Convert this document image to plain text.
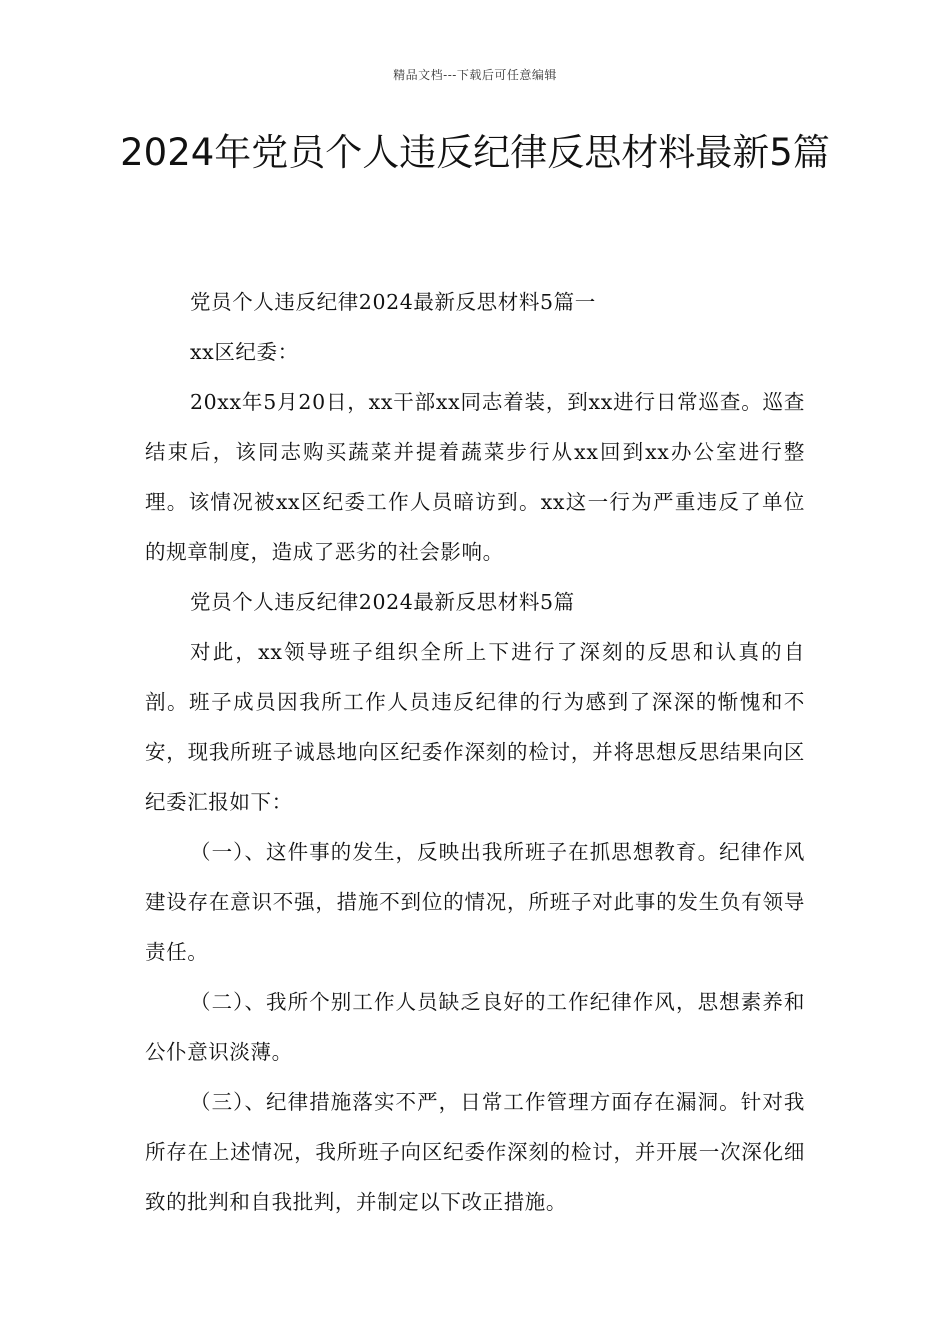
精品文档---下载后可任意编辑
2024年党员个人违反纪律反思材料最新5篇

党员个人违反纪律2024最新反思材料5篇一

xx区纪委：

20xx年5月20日，xx干部xx同志着装，到xx进行日常巡查。巡查结束后，该同志购买蔬菜并提着蔬菜步行从xx回到xx办公室进行整理。该情况被xx区纪委工作人员暗访到。xx这一行为严重违反了单位的规章制度，造成了恶劣的社会影响。

党员个人违反纪律2024最新反思材料5篇

对此，xx领导班子组织全所上下进行了深刻的反思和认真的自剖。班子成员因我所工作人员违反纪律的行为感到了深深的惭愧和不安，现我所班子诚恳地向区纪委作深刻的检讨，并将思想反思结果向区纪委汇报如下：

（一）、这件事的发生，反映出我所班子在抓思想教育。纪律作风建设存在意识不强，措施不到位的情况，所班子对此事的发生负有领导责任。

（二）、我所个别工作人员缺乏良好的工作纪律作风，思想素养和公仆意识淡薄。

（三）、纪律措施落实不严，日常工作管理方面存在漏洞。针对我所存在上述情况，我所班子向区纪委作深刻的检讨，并开展一次深化细致的批判和自我批判，并制定以下改正措施。
